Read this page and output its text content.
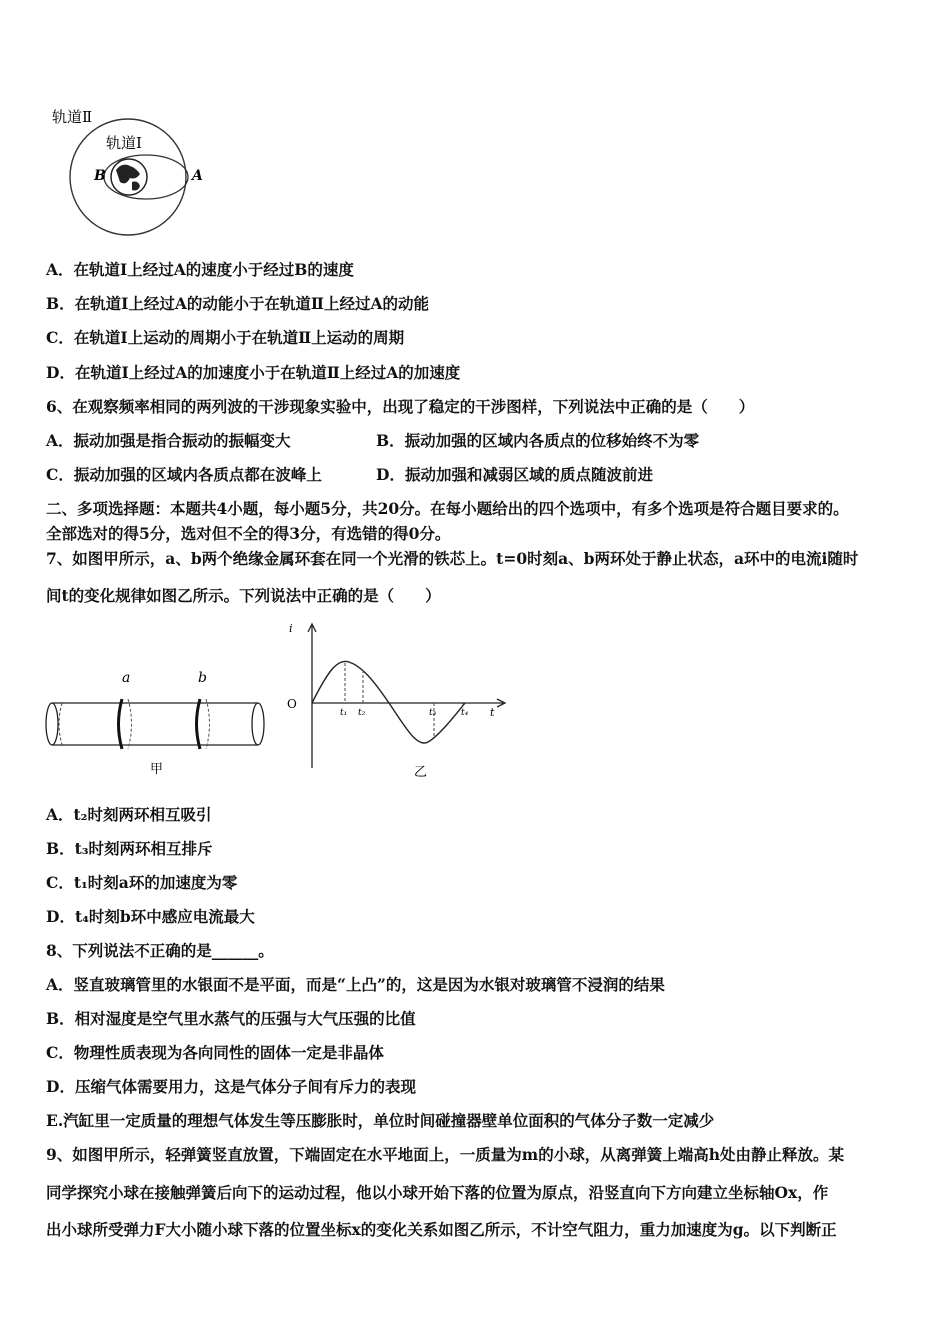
轨道Ⅱ
轨道Ⅰ
B	A
A．在轨道Ⅰ上经过A的速度小于经过B的速度
B．在轨道Ⅰ上经过A的动能小于在轨道Ⅱ上经过A的动能
C．在轨道Ⅰ上运动的周期小于在轨道Ⅱ上运动的周期
D．在轨道Ⅰ上经过A的加速度小于在轨道Ⅱ上经过A的加速度
6、在观察频率相同的两列波的干涉现象实验中，出现了稳定的干涉图样，下列说法中正确的是（　　）
A．振动加强是指合振动的振幅变大	B．振动加强的区域内各质点的位移始终不为零
C．振动加强的区域内各质点都在波峰上	D．振动加强和减弱区域的质点随波前进
二、多项选择题：本题共4小题，每小题5分，共20分。在每小题给出的四个选项中，有多个选项是符合题目要求的。
全部选对的得5分，选对但不全的得3分，有选错的得0分。
7、如图甲所示，a、b两个绝缘金属环套在同一个光滑的铁芯上。t=0时刻a、b两环处于静止状态，a环中的电流i随时
间t的变化规律如图乙所示。下列说法中正确的是（　　）
a	b
甲
O
i
t
t₁ t₂	t₃	t₄
乙
A．t₂时刻两环相互吸引
B．t₃时刻两环相互排斥
C．t₁时刻a环的加速度为零
D．t₄时刻b环中感应电流最大
8、下列说法不正确的是______。
A．竖直玻璃管里的水银面不是平面，而是“上凸”的，这是因为水银对玻璃管不浸润的结果
B．相对湿度是空气里水蒸气的压强与大气压强的比值
C．物理性质表现为各向同性的固体一定是非晶体
D．压缩气体需要用力，这是气体分子间有斥力的表现
E.汽缸里一定质量的理想气体发生等压膨胀时，单位时间碰撞器壁单位面积的气体分子数一定减少
9、如图甲所示，轻弹簧竖直放置，下端固定在水平地面上，一质量为m的小球，从离弹簧上端高h处由静止释放。某
同学探究小球在接触弹簧后向下的运动过程，他以小球开始下落的位置为原点，沿竖直向下方向建立坐标轴Ox，作
出小球所受弹力F大小随小球下落的位置坐标x的变化关系如图乙所示，不计空气阻力，重力加速度为g。以下判断正
